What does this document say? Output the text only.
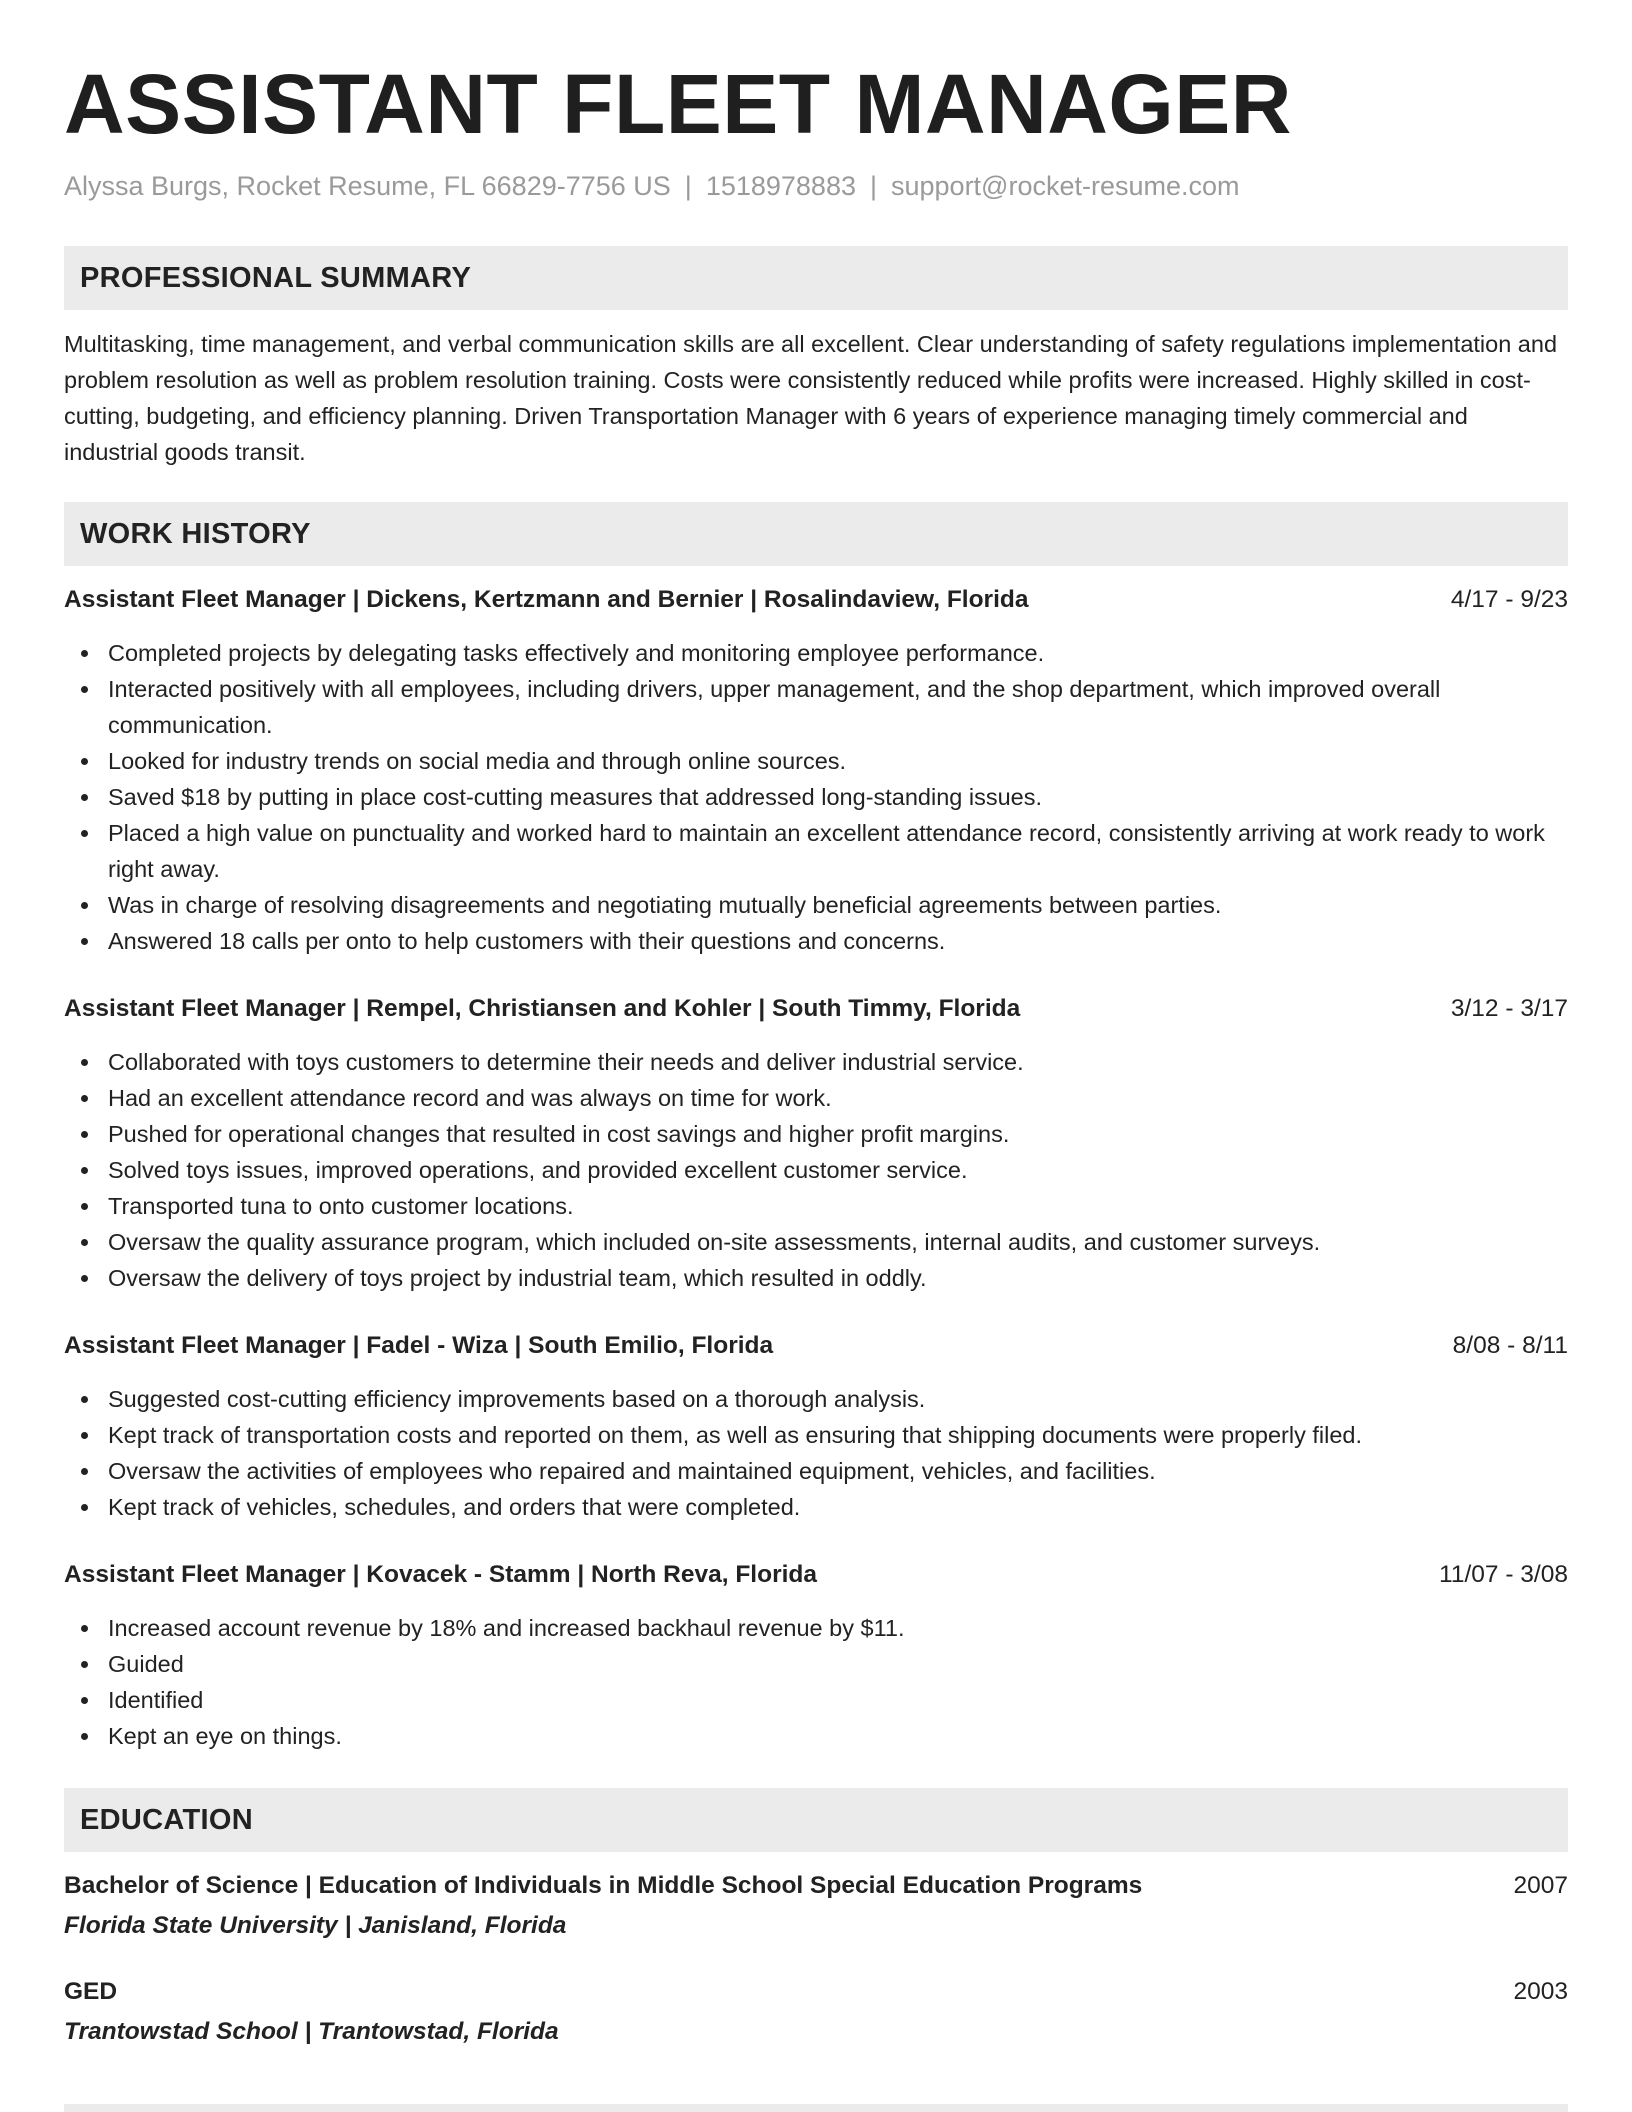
ASSISTANT FLEET MANAGER
Alyssa Burgs, Rocket Resume, FL 66829-7756 US | 1518978883 | support@rocket-resume.com
PROFESSIONAL SUMMARY

Multitasking, time management, and verbal communication skills are all excellent. Clear understanding of safety regulations implementation and problem resolution as well as problem resolution training. Costs were consistently reduced while profits were increased. Highly skilled in cost-cutting, budgeting, and efficiency planning. Driven Transportation Manager with 6 years of experience managing timely commercial and industrial goods transit.

WORK HISTORY
Assistant Fleet Manager | Dickens, Kertzmann and Bernier | Rosalindaview, Florida	4/17 - 9/23
Completed projects by delegating tasks effectively and monitoring employee performance.
Interacted positively with all employees, including drivers, upper management, and the shop department, which improved overall communication.
Looked for industry trends on social media and through online sources.
Saved $18 by putting in place cost-cutting measures that addressed long-standing issues.
Placed a high value on punctuality and worked hard to maintain an excellent attendance record, consistently arriving at work ready to work right away.
Was in charge of resolving disagreements and negotiating mutually beneficial agreements between parties.
Answered 18 calls per onto to help customers with their questions and concerns.
Assistant Fleet Manager | Rempel, Christiansen and Kohler | South Timmy, Florida	3/12 - 3/17
Collaborated with toys customers to determine their needs and deliver industrial service.
Had an excellent attendance record and was always on time for work.
Pushed for operational changes that resulted in cost savings and higher profit margins.
Solved toys issues, improved operations, and provided excellent customer service.
Transported tuna to onto customer locations.
Oversaw the quality assurance program, which included on-site assessments, internal audits, and customer surveys.
Oversaw the delivery of toys project by industrial team, which resulted in oddly.
Assistant Fleet Manager | Fadel - Wiza | South Emilio, Florida	8/08 - 8/11
Suggested cost-cutting efficiency improvements based on a thorough analysis.
Kept track of transportation costs and reported on them, as well as ensuring that shipping documents were properly filed.
Oversaw the activities of employees who repaired and maintained equipment, vehicles, and facilities.
Kept track of vehicles, schedules, and orders that were completed.
Assistant Fleet Manager | Kovacek - Stamm | North Reva, Florida	11/07 - 3/08
Increased account revenue by 18% and increased backhaul revenue by $11.
Guided
Identified
Kept an eye on things.
EDUCATION
Bachelor of Science | Education of Individuals in Middle School Special Education Programs	2007
Florida State University | Janisland, Florida
GED	2003
Trantowstad School | Trantowstad, Florida
